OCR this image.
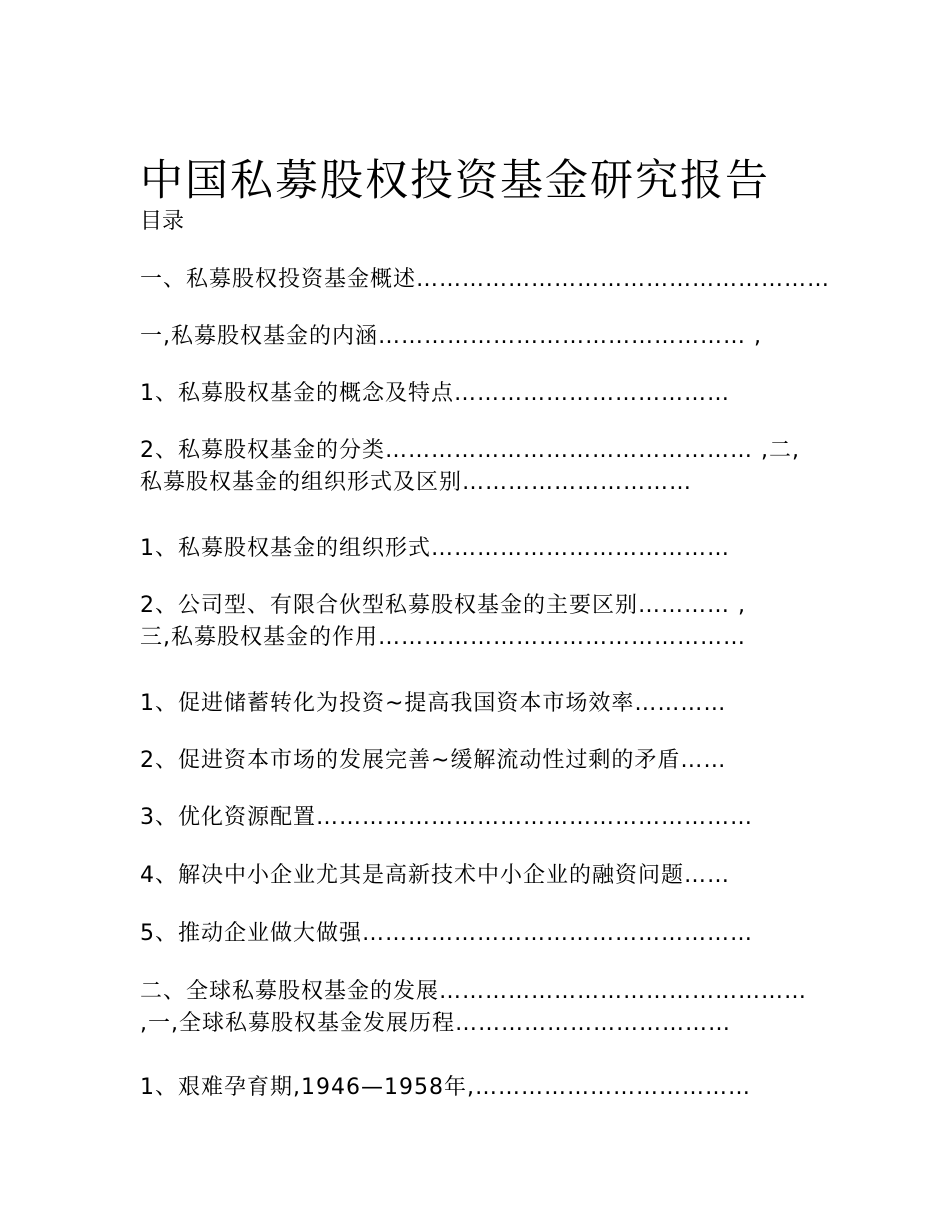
中国私募股权投资基金研究报告
目录
一、私募股权投资基金概述………………………………………………
一,私募股权基金的内涵………………………………………… ,
1、私募股权基金的概念及特点………………………………
2、私募股权基金的分类………………………………………… ,二,
私募股权基金的组织形式及区别…………………………
1、私募股权基金的组织形式…………………………………
2、公司型、有限合伙型私募股权基金的主要区别………… ,
三,私募股权基金的作用…………………………………………
1、促进储蓄转化为投资~提高我国资本市场效率…………
2、促进资本市场的发展完善~缓解流动性过剩的矛盾……
3、优化资源配置…………………………………………………
4、解决中小企业尤其是高新技术中小企业的融资问题……
5、推动企业做大做强……………………………………………
二、全球私募股权基金的发展…………………………………………
,一,全球私募股权基金发展历程………………………………
1、艰难孕育期,1946—1958年,………………………………
